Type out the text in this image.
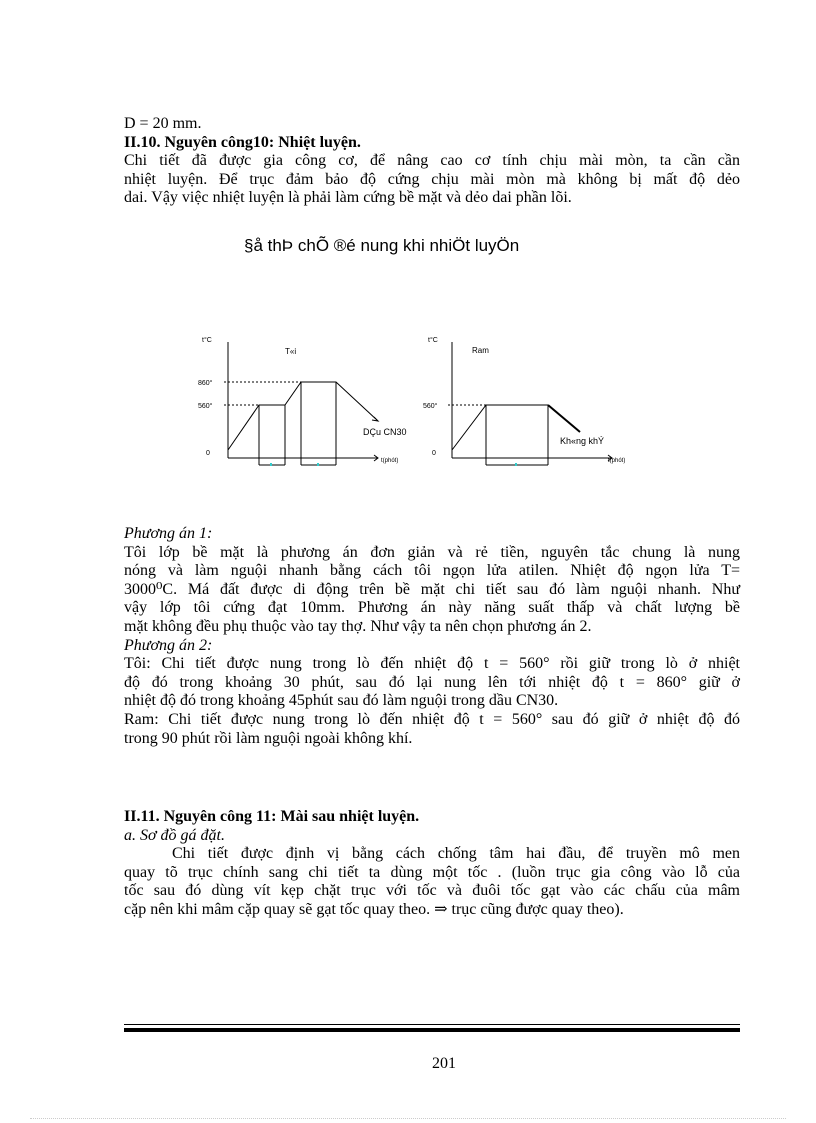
D = 20 mm.
II.10. Nguyên công10: Nhiệt luyện.
Chi tiết đã được gia công cơ, để nâng cao cơ tính chịu mài mòn, ta cần cần
nhiệt luyện. Để trục đảm bảo độ cứng chịu mài mòn mà không bị mất độ dẻo
dai. Vậy việc nhiệt luyện là phải làm cứng bề mặt và dẻo dai phần lõi.
§å thÞ chÕ ®é nung khi nhiÖt luyÖn
t°C
T«i
860°
560°
0
DÇu CN30
t(phót)
t°C
Ram
560°
0
Kh«ng khÝ
t(phót)
Phương án 1:
Tôi lớp bề mặt là phương án đơn giản và rẻ tiền, nguyên tắc chung là nung
nóng và làm nguội nhanh bằng cách tôi ngọn lửa atilen. Nhiệt độ ngọn lửa T=
3000⁰C. Má đất được di động trên bề mặt chi tiết sau đó làm nguội nhanh. Như
vậy lớp tôi cứng đạt 10mm. Phương án này năng suất thấp và chất lượng bề
mặt không đều phụ thuộc vào tay thợ. Như vậy ta nên chọn phương án 2.
Phương án 2:
Tôi: Chi tiết được nung trong lò đến nhiệt độ t = 560° rồi giữ trong lò ở nhiệt
độ đó trong khoảng 30 phút, sau đó lại nung lên tới nhiệt độ t = 860° giữ ở
nhiệt độ đó trong khoảng 45phút sau đó làm nguội trong dầu CN30.
Ram: Chi tiết được nung trong lò đến nhiệt độ t = 560° sau đó giữ ở nhiệt độ đó
trong 90 phút rồi làm nguội ngoài không khí.
II.11. Nguyên công 11: Mài sau nhiệt luyện.
a. Sơ đồ gá đặt.
Chi tiết được định vị bằng cách chống tâm hai đầu, để truyền mô men
quay tõ trục chính sang chi tiết ta dùng một tốc . (luồn trục gia công vào lỗ của
tốc sau đó dùng vít kẹp chặt trục với tốc và đuôi tốc gạt vào các chấu của mâm
cặp nên khi mâm cặp quay sẽ gạt tốc quay theo. ⇒ trục cũng được quay theo).
201
